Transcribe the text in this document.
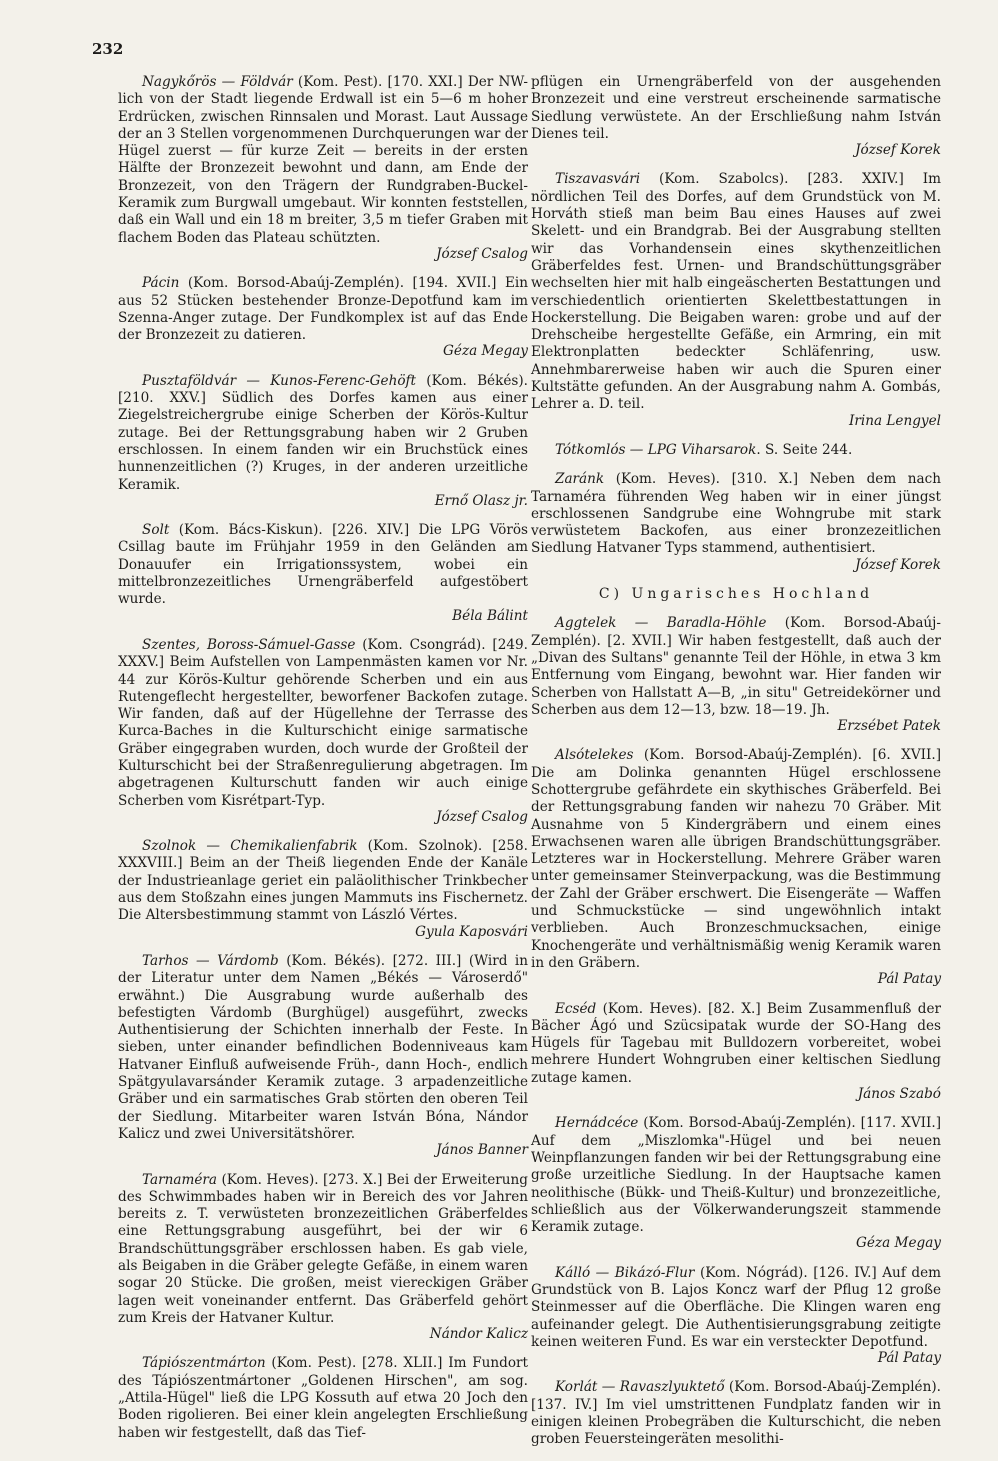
232

Nagykőrös — Földvár (Kom. Pest). [170. XXI.] Der NW-lich von der Stadt liegende Erdwall ist ein 5—6 m hoher Erdrücken, zwischen Rinnsalen und Morast. Laut Aussage der an 3 Stellen vorgenommenen Durchquerungen war der Hügel zuerst — für kurze Zeit — bereits in der ersten Hälfte der Bronzezeit bewohnt und dann, am Ende der Bronzezeit, von den Trägern der Rundgraben-Buckel-Keramik zum Burgwall umgebaut. Wir konnten feststellen, daß ein Wall und ein 18 m breiter, 3,5 m tiefer Graben mit flachem Boden das Plateau schützten.
József Csalog

Pácin (Kom. Borsod-Abaúj-Zemplén). [194. XVII.] Ein aus 52 Stücken bestehender Bronze-Depotfund kam im Szenna-Anger zutage. Der Fundkomplex ist auf das Ende der Bronzezeit zu datieren.
Géza Megay

Pusztaföldvár — Kunos-Ferenc-Gehöft (Kom. Békés). [210. XXV.] Südlich des Dorfes kamen aus einer Ziegelstreichergrube einige Scherben der Körös-Kultur zutage. Bei der Rettungsgrabung haben wir 2 Gruben erschlossen. In einem fanden wir ein Bruchstück eines hunnenzeitlichen (?) Kruges, in der anderen urzeitliche Keramik.
Ernő Olasz jr.

Solt (Kom. Bács-Kiskun). [226. XIV.] Die LPG Vörös Csillag baute im Frühjahr 1959 in den Geländen am Donauufer ein Irrigationssystem, wobei ein mittelbronzezeitliches Urnengräberfeld aufgestöbert wurde.
Béla Bálint

Szentes, Boross-Sámuel-Gasse (Kom. Csongrád). [249. XXXV.] Beim Aufstellen von Lampenmästen kamen vor Nr. 44 zur Körös-Kultur gehörende Scherben und ein aus Rutengeflecht hergestellter, beworfener Backofen zutage. Wir fanden, daß auf der Hügellehne der Terrasse des Kurca-Baches in die Kulturschicht einige sarmatische Gräber eingegraben wurden, doch wurde der Großteil der Kulturschicht bei der Straßenregulierung abgetragen. Im abgetragenen Kulturschutt fanden wir auch einige Scherben vom Kisrétpart-Typ.
József Csalog

Szolnok — Chemikalienfabrik (Kom. Szolnok). [258. XXXVIII.] Beim an der Theiß liegenden Ende der Kanäle der Industrieanlage geriet ein paläolithischer Trinkbecher aus dem Stoßzahn eines jungen Mammuts ins Fischernetz. Die Altersbestimmung stammt von László Vértes.
Gyula Kaposvári

Tarhos — Várdomb (Kom. Békés). [272. III.] (Wird in der Literatur unter dem Namen „Békés — Városerdő" erwähnt.) Die Ausgrabung wurde außerhalb des befestigten Várdomb (Burghügel) ausgeführt, zwecks Authentisierung der Schichten innerhalb der Feste. In sieben, unter einander befindlichen Bodenniveaus kam Hatvaner Einfluß aufweisende Früh-, dann Hoch-, endlich Spätgyulavarsánder Keramik zutage. 3 arpadenzeitliche Gräber und ein sarmatisches Grab störten den oberen Teil der Siedlung. Mitarbeiter waren István Bóna, Nándor Kalicz und zwei Universitätshörer.
János Banner

Tarnaméra (Kom. Heves). [273. X.] Bei der Erweiterung des Schwimmbades haben wir in Bereich des vor Jahren bereits z. T. verwüsteten bronzezeitlichen Gräberfeldes eine Rettungsgrabung ausgeführt, bei der wir 6 Brandschüttungsgräber erschlossen haben. Es gab viele, als Beigaben in die Gräber gelegte Gefäße, in einem waren sogar 20 Stücke. Die großen, meist viereckigen Gräber lagen weit voneinander entfernt. Das Gräberfeld gehört zum Kreis der Hatvaner Kultur.
Nándor Kalicz

Tápiószentmárton (Kom. Pest). [278. XLII.] Im Fundort des Tápiószentmártoner „Goldenen Hirschen", am sog. „Attila-Hügel" ließ die LPG Kossuth auf etwa 20 Joch den Boden rigolieren. Bei einer klein angelegten Erschließung haben wir festgestellt, daß das Tief-

pflügen ein Urnengräberfeld von der ausgehenden Bronzezeit und eine verstreut erscheinende sarmatische Siedlung verwüstete. An der Erschließung nahm István Dienes teil.
József Korek

Tiszavasvári (Kom. Szabolcs). [283. XXIV.] Im nördlichen Teil des Dorfes, auf dem Grundstück von M. Horváth stieß man beim Bau eines Hauses auf zwei Skelett- und ein Brandgrab. Bei der Ausgrabung stellten wir das Vorhandensein eines skythenzeitlichen Gräberfeldes fest. Urnen- und Brandschüttungsgräber wechselten hier mit halb eingeäscherten Bestattungen und verschiedentlich orientierten Skelettbestattungen in Hockerstellung. Die Beigaben waren: grobe und auf der Drehscheibe hergestellte Gefäße, ein Armring, ein mit Elektronplatten bedeckter Schläfenring, usw. Annehmbarerweise haben wir auch die Spuren einer Kultstätte gefunden. An der Ausgrabung nahm A. Gombás, Lehrer a. D. teil.
Irina Lengyel

Tótkomlós — LPG Viharsarok. S. Seite 244.

Zaránk (Kom. Heves). [310. X.] Neben dem nach Tarnaméra führenden Weg haben wir in einer jüngst erschlossenen Sandgrube eine Wohngrube mit stark verwüstetem Backofen, aus einer bronzezeitlichen Siedlung Hatvaner Typs stammend, authentisiert.
József Korek

C) Ungarisches Hochland

Aggtelek — Baradla-Höhle (Kom. Borsod-Abaúj-Zemplén). [2. XVII.] Wir haben festgestellt, daß auch der „Divan des Sultans" genannte Teil der Höhle, in etwa 3 km Entfernung vom Eingang, bewohnt war. Hier fanden wir Scherben von Hallstatt A—B, „in situ" Getreidekörner und Scherben aus dem 12—13, bzw. 18—19. Jh.
Erzsébet Patek

Alsótelekes (Kom. Borsod-Abaúj-Zemplén). [6. XVII.] Die am Dolinka genannten Hügel erschlossene Schottergrube gefährdete ein skythisches Gräberfeld. Bei der Rettungsgrabung fanden wir nahezu 70 Gräber. Mit Ausnahme von 5 Kindergräbern und einem eines Erwachsenen waren alle übrigen Brandschüttungsgräber. Letzteres war in Hockerstellung. Mehrere Gräber waren unter gemeinsamer Steinverpackung, was die Bestimmung der Zahl der Gräber erschwert. Die Eisengeräte — Waffen und Schmuckstücke — sind ungewöhnlich intakt verblieben. Auch Bronzeschmucksachen, einige Knochengeräte und verhältnismäßig wenig Keramik waren in den Gräbern.
Pál Patay

Ecséd (Kom. Heves). [82. X.] Beim Zusammenfluß der Bächer Ágó und Szücsipatak wurde der SO-Hang des Hügels für Tagebau mit Bulldozern vorbereitet, wobei mehrere Hundert Wohngruben einer keltischen Siedlung zutage kamen.
János Szabó

Hernádcéce (Kom. Borsod-Abaúj-Zemplén). [117. XVII.] Auf dem „Miszlomka"-Hügel und bei neuen Weinpflanzungen fanden wir bei der Rettungsgrabung eine große urzeitliche Siedlung. In der Hauptsache kamen neolithische (Bükk- und Theiß-Kultur) und bronzezeitliche, schließlich aus der Völkerwanderungszeit stammende Keramik zutage.
Géza Megay

Kálló — Bikázó-Flur (Kom. Nógrád). [126. IV.] Auf dem Grundstück von B. Lajos Koncz warf der Pflug 12 große Steinmesser auf die Oberfläche. Die Klingen waren eng aufeinander gelegt. Die Authentisierungsgrabung zeitigte keinen weiteren Fund. Es war ein versteckter Depotfund.
Pál Patay

Korlát — Ravaszlyuktető (Kom. Borsod-Abaúj-Zemplén). [137. IV.] Im viel umstrittenen Fundplatz fanden wir in einigen kleinen Probegräben die Kulturschicht, die neben groben Feuersteingeräten mesolithi-
